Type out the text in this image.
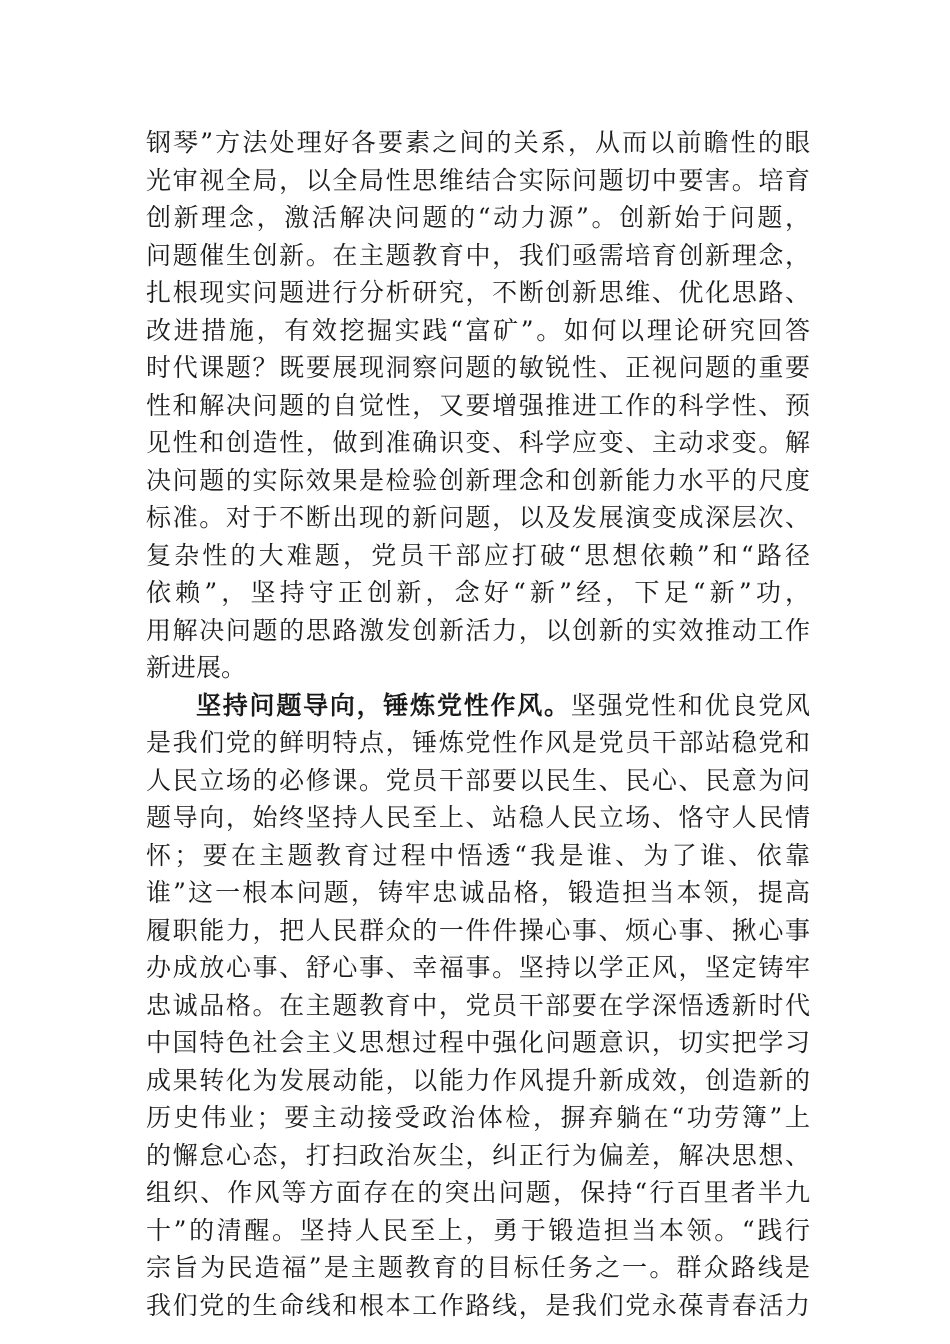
钢琴”方法处理好各要素之间的关系，从而以前瞻性的眼
光审视全局，以全局性思维结合实际问题切中要害。培育
创新理念，激活解决问题的“动力源”。创新始于问题，
问题催生创新。在主题教育中，我们亟需培育创新理念，
扎根现实问题进行分析研究，不断创新思维、优化思路、
改进措施，有效挖掘实践“富矿”。如何以理论研究回答
时代课题？既要展现洞察问题的敏锐性、正视问题的重要
性和解决问题的自觉性，又要增强推进工作的科学性、预
见性和创造性，做到准确识变、科学应变、主动求变。解
决问题的实际效果是检验创新理念和创新能力水平的尺度
标准。对于不断出现的新问题，以及发展演变成深层次、
复杂性的大难题，党员干部应打破“思想依赖”和“路径
依赖”，坚持守正创新，念好“新”经，下足“新”功，
用解决问题的思路激发创新活力，以创新的实效推动工作
新进展。
坚持问题导向，锤炼党性作风。坚强党性和优良党风
是我们党的鲜明特点，锤炼党性作风是党员干部站稳党和
人民立场的必修课。党员干部要以民生、民心、民意为问
题导向，始终坚持人民至上、站稳人民立场、恪守人民情
怀；要在主题教育过程中悟透“我是谁、为了谁、依靠
谁”这一根本问题，铸牢忠诚品格，锻造担当本领，提高
履职能力，把人民群众的一件件操心事、烦心事、揪心事
办成放心事、舒心事、幸福事。坚持以学正风，坚定铸牢
忠诚品格。在主题教育中，党员干部要在学深悟透新时代
中国特色社会主义思想过程中强化问题意识，切实把学习
成果转化为发展动能，以能力作风提升新成效，创造新的
历史伟业；要主动接受政治体检，摒弃躺在“功劳簿”上
的懈怠心态，打扫政治灰尘，纠正行为偏差，解决思想、
组织、作风等方面存在的突出问题，保持“行百里者半九
十”的清醒。坚持人民至上，勇于锻造担当本领。“践行
宗旨为民造福”是主题教育的目标任务之一。群众路线是
我们党的生命线和根本工作路线，是我们党永葆青春活力
